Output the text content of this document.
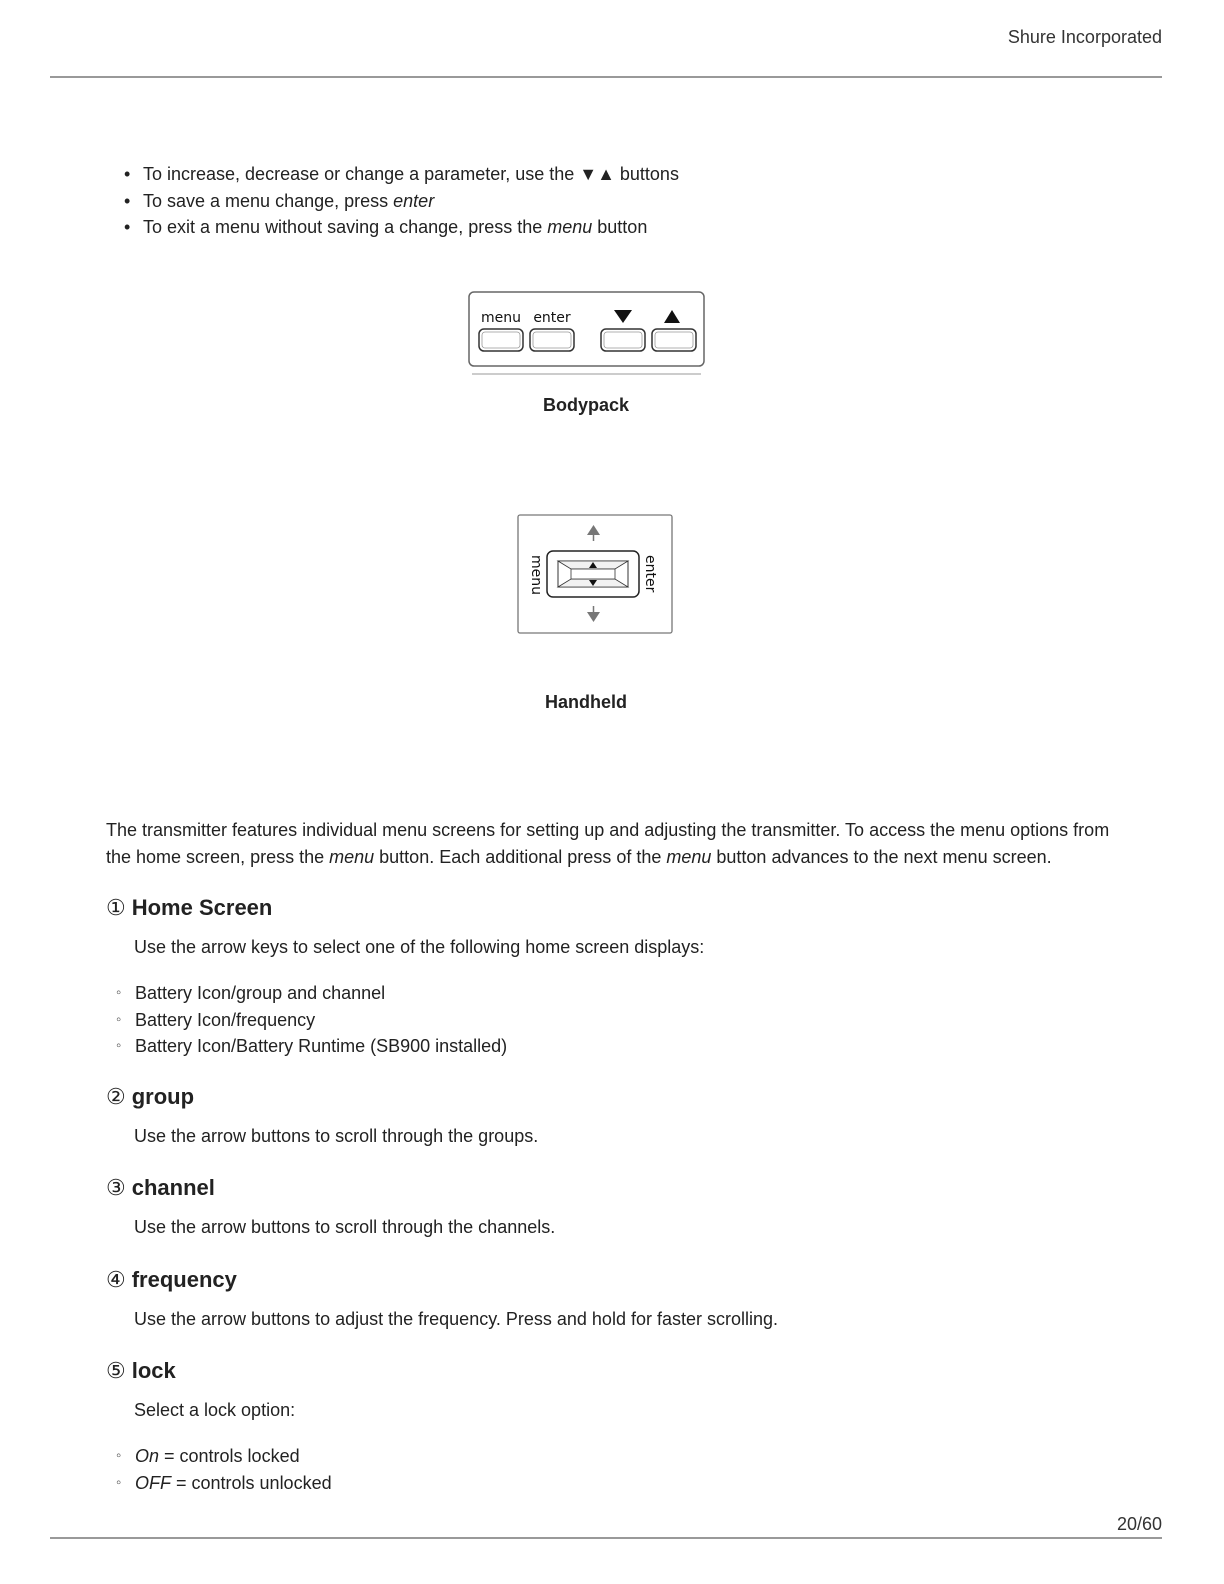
Shure Incorporated
• To increase, decrease or change a parameter, use the ▼▲ buttons
• To save a menu change, press enter
• To exit a menu without saving a change, press the menu button
menu enter
Bodypack
menu	enter
Handheld
The transmitter features individual menu screens for setting up and adjusting the transmitter. To access the menu options from the home screen, press the menu button. Each additional press of the menu button advances to the next menu screen.
① Home Screen
Use the arrow keys to select one of the following home screen displays:
◦ Battery Icon/group and channel
◦ Battery Icon/frequency
◦ Battery Icon/Battery Runtime (SB900 installed)
② group
Use the arrow buttons to scroll through the groups.
③ channel
Use the arrow buttons to scroll through the channels.
④ frequency
Use the arrow buttons to adjust the frequency. Press and hold for faster scrolling.
⑤ lock
Select a lock option:
◦ On = controls locked
◦ OFF = controls unlocked
20/60
